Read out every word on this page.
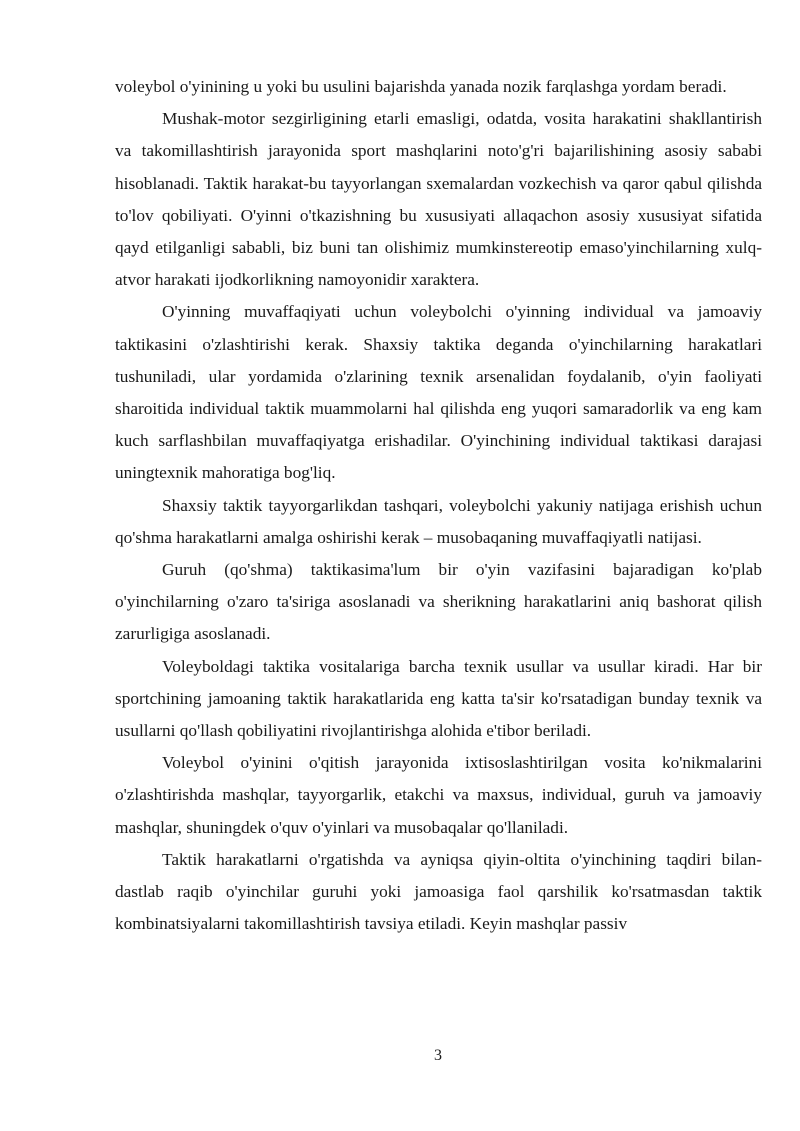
voleybol o'yinining u yoki bu usulini bajarishda yanada nozik farqlashga yordam beradi.

Mushak-motor sezgirligining etarli emasligi, odatda, vosita harakatini shakllantirish va takomillashtirish jarayonida sport mashqlarini noto'g'ri bajarilishining asosiy sababi hisoblanadi. Taktik harakat-bu tayyorlangan sxemalardan vozkechish va qaror qabul qilishda to'lov qobiliyati. O'yinni o'tkazishning bu xususiyati allaqachon asosiy xususiyat sifatida qayd etilganligi sababli, biz buni tan olishimiz mumkinstereotip emaso'yinchilarning xulq-atvor harakati ijodkorlikning namoyonidir xaraktera.

O'yinning muvaffaqiyati uchun voleybolchi o'yinning individual va jamoaviy taktikasini o'zlashtirishi kerak. Shaxsiy taktika deganda o'yinchilarning harakatlari tushuniladi, ular yordamida o'zlarining texnik arsenalidan foydalanib, o'yin faoliyati sharoitida individual taktik muammolarni hal qilishda eng yuqori samaradorlik va eng kam kuch sarflashbilan muvaffaqiyatga erishadilar. O'yinchining individual taktikasi darajasi uningtexnik mahoratiga bog'liq.

Shaxsiy taktik tayyorgarlikdan tashqari, voleybolchi yakuniy natijaga erishish uchun qo'shma harakatlarni amalga oshirishi kerak – musobaqaning muvaffaqiyatli natijasi.

Guruh (qo'shma) taktikasima'lum bir o'yin vazifasini bajaradigan ko'plab o'yinchilarning o'zaro ta'siriga asoslanadi va sherikning harakatlarini aniq bashorat qilish zarurligiga asoslanadi.

Voleyboldagi taktika vositalariga barcha texnik usullar va usullar kiradi. Har bir sportchining jamoaning taktik harakatlarida eng katta ta'sir ko'rsatadigan bunday texnik va usullarni qo'llash qobiliyatini rivojlantirishga alohida e'tibor beriladi.

Voleybol o'yinini o'qitish jarayonida ixtisoslashtirilgan vosita ko'nikmalarini o'zlashtirishda mashqlar, tayyorgarlik, etakchi va maxsus, individual, guruh va jamoaviy mashqlar, shuningdek o'quv o'yinlari va musobaqalar qo'llaniladi.

Taktik harakatlarni o'rgatishda va ayniqsa qiyin-oltita o'yinchining taqdiri bilan-dastlab raqib o'yinchilar guruhi yoki jamoasiga faol qarshilik ko'rsatmasdan taktik kombinatsiyalarni takomillashtirish tavsiya etiladi. Keyin mashqlar passiv

3
